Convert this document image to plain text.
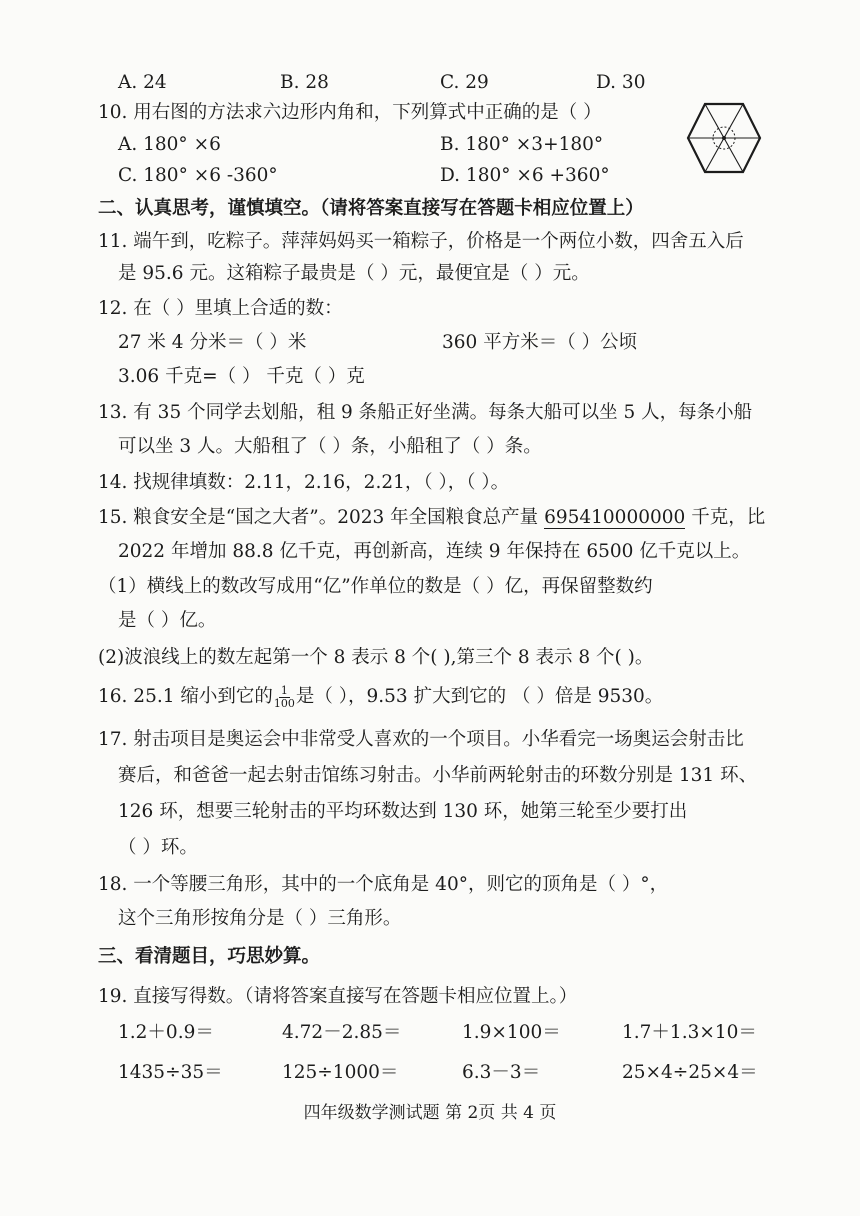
A. 24	B. 28	C. 29	D. 30
10. 用右图的方法求六边形内角和，下列算式中正确的是（ ）
A. 180° ×6	B. 180° ×3+180°
C. 180° ×6 -360°	D. 180° ×6 +360°
二、认真思考，谨慎填空。（请将答案直接写在答题卡相应位置上）
11. 端午到，吃粽子。萍萍妈妈买一箱粽子，价格是一个两位小数，四舍五入后
是 95.6 元。这箱粽子最贵是（ ）元，最便宜是（ ）元。
12. 在（ ）里填上合适的数：
27 米 4 分米＝（ ）米	360 平方米＝（ ）公顷
3.06 千克=（ ） 千克（ ）克
13. 有 35 个同学去划船，租 9 条船正好坐满。每条大船可以坐 5 人，每条小船
可以坐 3 人。大船租了（ ）条，小船租了（ ）条。
14. 找规律填数：2.11，2.16，2.21，（ ），（ ）。
15. 粮食安全是“国之大者”。2023 年全国粮食总产量 695410000000 千克，比
2022 年增加 88.8 亿千克，再创新高，连续 9 年保持在 6500 亿千克以上。
（1）横线上的数改写成用“亿”作单位的数是（ ）亿，再保留整数约
是（ ）亿。
(2)波浪线上的数左起第一个 8 表示 8 个( ),第三个 8 表示 8 个( )。
16. 25.1 缩小到它的 $\frac{1}{100}$ 是（ ），9.53 扩大到它的 （ ）倍是 9530。
17. 射击项目是奥运会中非常受人喜欢的一个项目。小华看完一场奥运会射击比
赛后，和爸爸一起去射击馆练习射击。小华前两轮射击的环数分别是 131 环、
126 环，想要三轮射击的平均环数达到 130 环，她第三轮至少要打出
（ ）环。
18. 一个等腰三角形，其中的一个底角是 40°，则它的顶角是（ ）°，
这个三角形按角分是（ ）三角形。
三、看清题目，巧思妙算。
19. 直接写得数。（请将答案直接写在答题卡相应位置上。）
1.2＋0.9＝	4.72－2.85＝	1.9×100＝	1.7＋1.3×10＝
1435÷35＝	125÷1000＝	6.3－3＝	25×4÷25×4＝
四年级数学测试题 第 2页 共 4 页
